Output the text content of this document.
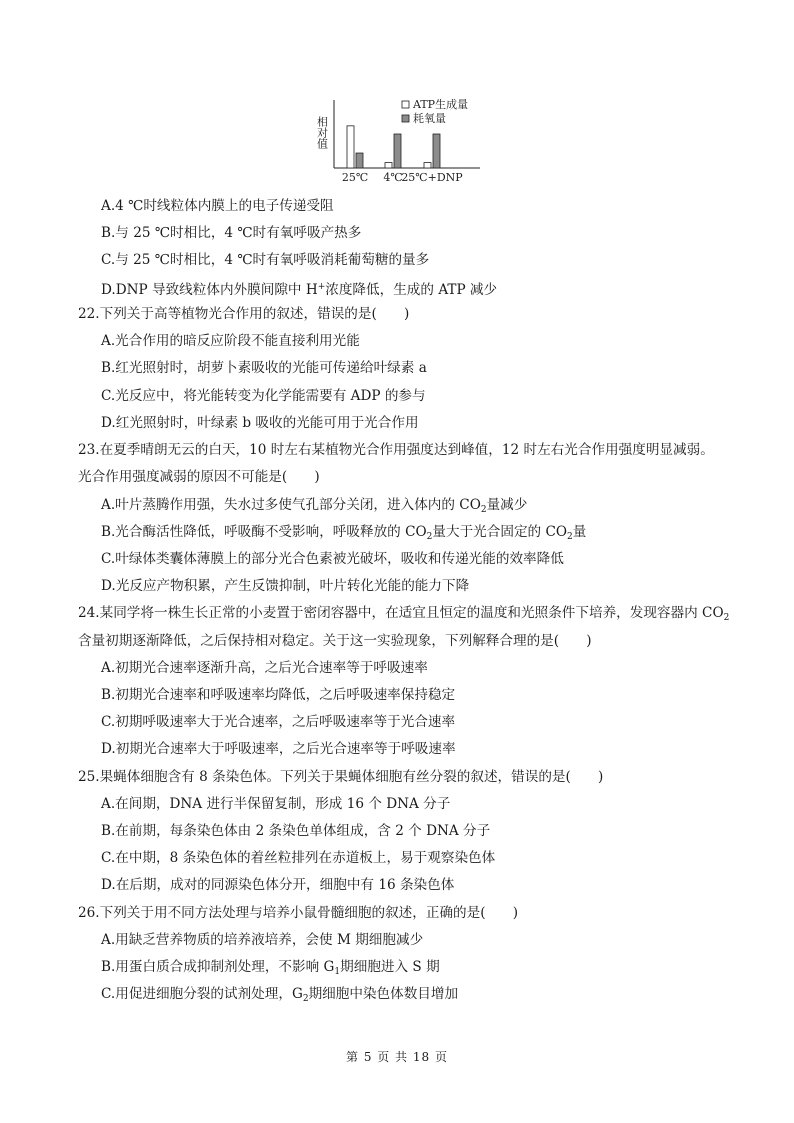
相对值
25℃ 4℃
25℃+DNP
ATP生成量
耗氧量
A.4 ℃时线粒体内膜上的电子传递受阻
B.与 25 ℃时相比，4 ℃时有氧呼吸产热多
C.与 25 ℃时相比，4 ℃时有氧呼吸消耗葡萄糖的量多
D.DNP 导致线粒体内外膜间隙中 H+浓度降低，生成的 ATP 减少
22.下列关于高等植物光合作用的叙述，错误的是(　　)
A.光合作用的暗反应阶段不能直接利用光能
B.红光照射时，胡萝卜素吸收的光能可传递给叶绿素 a
C.光反应中，将光能转变为化学能需要有 ADP 的参与
D.红光照射时，叶绿素 b 吸收的光能可用于光合作用
23.在夏季晴朗无云的白天，10 时左右某植物光合作用强度达到峰值，12 时左右光合作用强度明显减弱。
光合作用强度减弱的原因不可能是(　　)
A.叶片蒸腾作用强，失水过多使气孔部分关闭，进入体内的 $CO_2$量减少
B.光合酶活性降低，呼吸酶不受影响，呼吸释放的 $CO_2$量大于光合固定的 $CO_2$量
C.叶绿体类囊体薄膜上的部分光合色素被光破坏，吸收和传递光能的效率降低
D.光反应产物积累，产生反馈抑制，叶片转化光能的能力下降
24.某同学将一株生长正常的小麦置于密闭容器中，在适宜且恒定的温度和光照条件下培养，发现容器内 $CO_2$
含量初期逐渐降低，之后保持相对稳定。关于这一实验现象，下列解释合理的是(　　)
A.初期光合速率逐渐升高，之后光合速率等于呼吸速率
B.初期光合速率和呼吸速率均降低，之后呼吸速率保持稳定
C.初期呼吸速率大于光合速率，之后呼吸速率等于光合速率
D.初期光合速率大于呼吸速率，之后光合速率等于呼吸速率
25.果蝇体细胞含有 8 条染色体。下列关于果蝇体细胞有丝分裂的叙述，错误的是(　　)
A.在间期，DNA 进行半保留复制，形成 16 个 DNA 分子
B.在前期，每条染色体由 2 条染色单体组成，含 2 个 DNA 分子
C.在中期，8 条染色体的着丝粒排列在赤道板上，易于观察染色体
D.在后期，成对的同源染色体分开，细胞中有 16 条染色体
26.下列关于用不同方法处理与培养小鼠骨髓细胞的叙述，正确的是(　　)
A.用缺乏营养物质的培养液培养，会使 M 期细胞减少
B.用蛋白质合成抑制剂处理，不影响 $G_1$期细胞进入 S 期
C.用促进细胞分裂的试剂处理，$G_2$期细胞中染色体数目增加
第 5 页 共 18 页
